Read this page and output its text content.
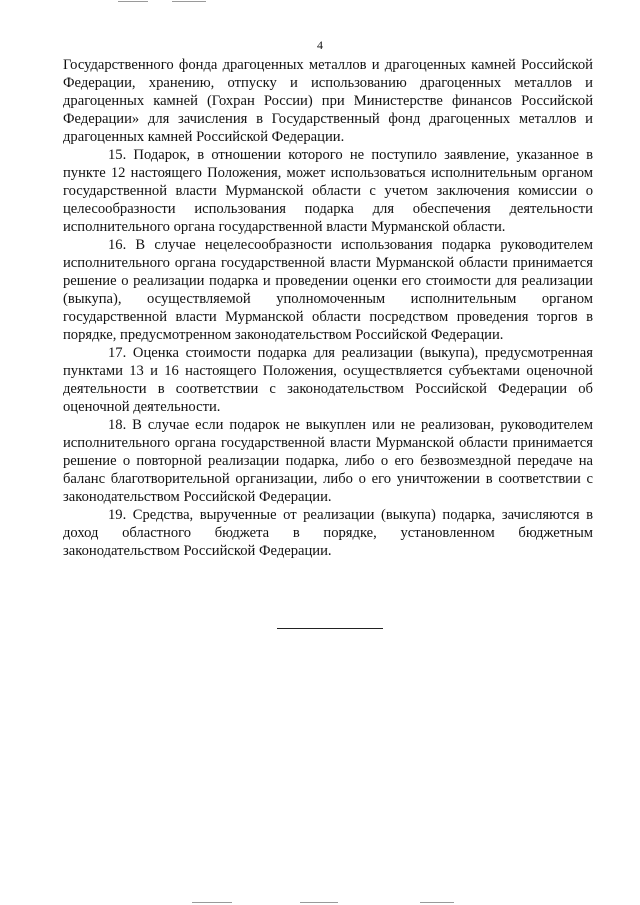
4

Государственного фонда драгоценных металлов и драгоценных камней Российской Федерации, хранению, отпуску и использованию драгоценных металлов и драгоценных камней (Гохран России) при Министерстве финансов Российской Федерации» для зачисления в Государственный фонд драгоценных металлов и драгоценных камней Российской Федерации.

15. Подарок, в отношении которого не поступило заявление, указанное в пункте 12 настоящего Положения, может использоваться исполнительным органом государственной власти Мурманской области с учетом заключения комиссии о целесообразности использования подарка для обеспечения деятельности исполнительного органа государственной власти Мурманской области.

16. В случае нецелесообразности использования подарка руководителем исполнительного органа государственной власти Мурманской области принимается решение о реализации подарка и проведении оценки его стоимости для реализации (выкупа), осуществляемой уполномоченным исполнительным органом государственной власти Мурманской области посредством проведения торгов в порядке, предусмотренном законодательством Российской Федерации.

17. Оценка стоимости подарка для реализации (выкупа), предусмотренная пунктами 13 и 16 настоящего Положения, осуществляется субъектами оценочной деятельности в соответствии с законодательством Российской Федерации об оценочной деятельности.

18. В случае если подарок не выкуплен или не реализован, руководителем исполнительного органа государственной власти Мурманской области принимается решение о повторной реализации подарка, либо о его безвозмездной передаче на баланс благотворительной организации, либо о его уничтожении в соответствии с законодательством Российской Федерации.

19. Средства, вырученные от реализации (выкупа) подарка, зачисляются в доход областного бюджета в порядке, установленном бюджетным законодательством Российской Федерации.
